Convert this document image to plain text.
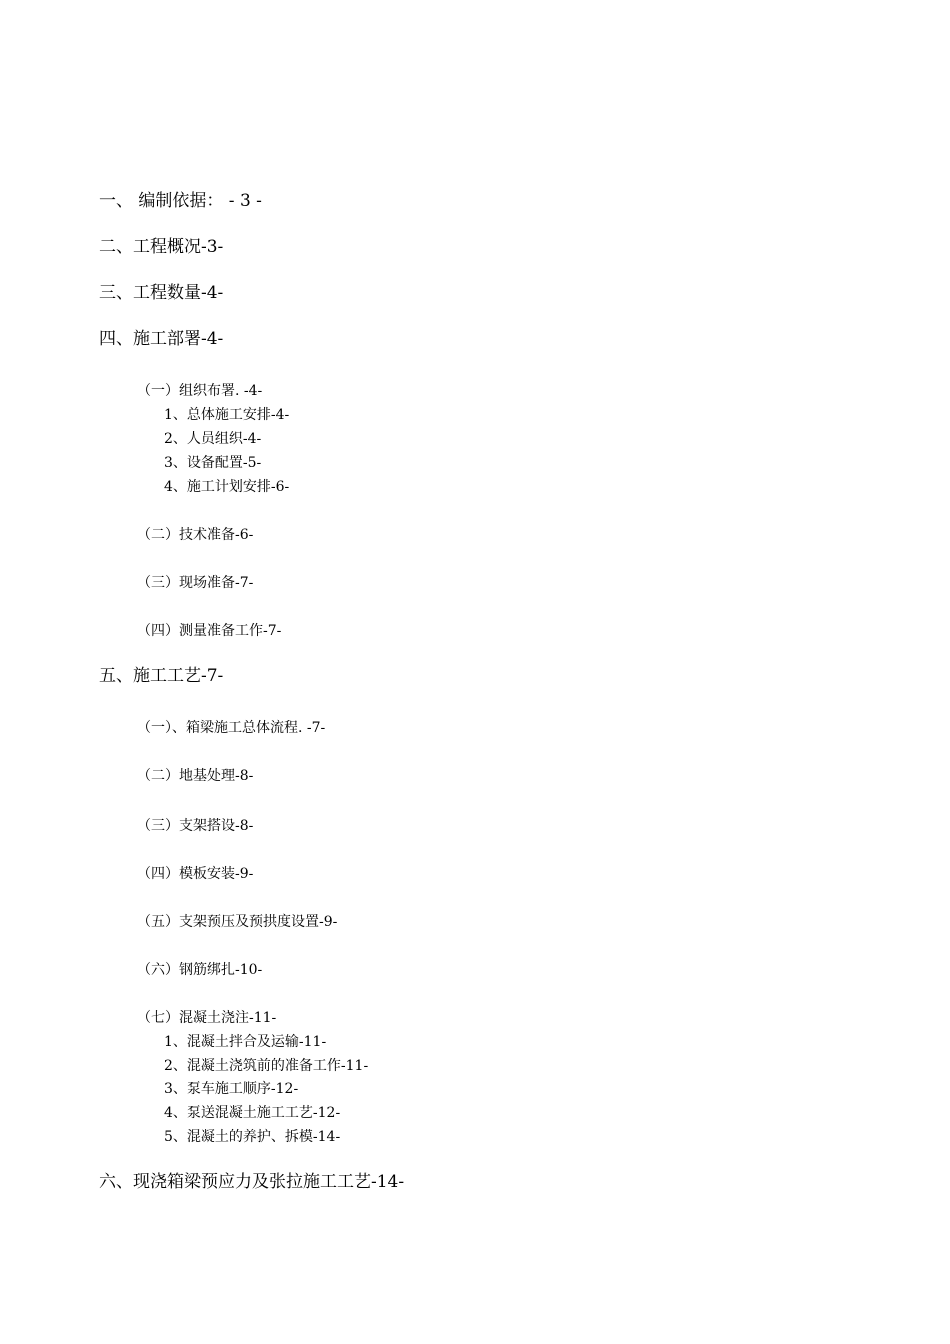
一、 编制依据： - 3 -
二、工程概况-3-
三、工程数量-4-
四、施工部署-4-
（一）组织布署. -4-
1、总体施工安排-4-
2、人员组织-4-
3、设备配置-5-
4、施工计划安排-6-
（二）技术准备-6-
（三）现场准备-7-
（四）测量准备工作-7-
五、施工工艺-7-
（一）、箱梁施工总体流程. -7-
（二）地基处理-8-
（三）支架搭设-8-
（四）模板安装-9-
（五）支架预压及预拱度设置-9-
（六）钢筋绑扎-10-
（七）混凝土浇注-11-
1、混凝土拌合及运输-11-
2、混凝土浇筑前的准备工作-11-
3、泵车施工顺序-12-
4、泵送混凝土施工工艺-12-
5、混凝土的养护、拆模-14-
六、现浇箱梁预应力及张拉施工工艺-14-
